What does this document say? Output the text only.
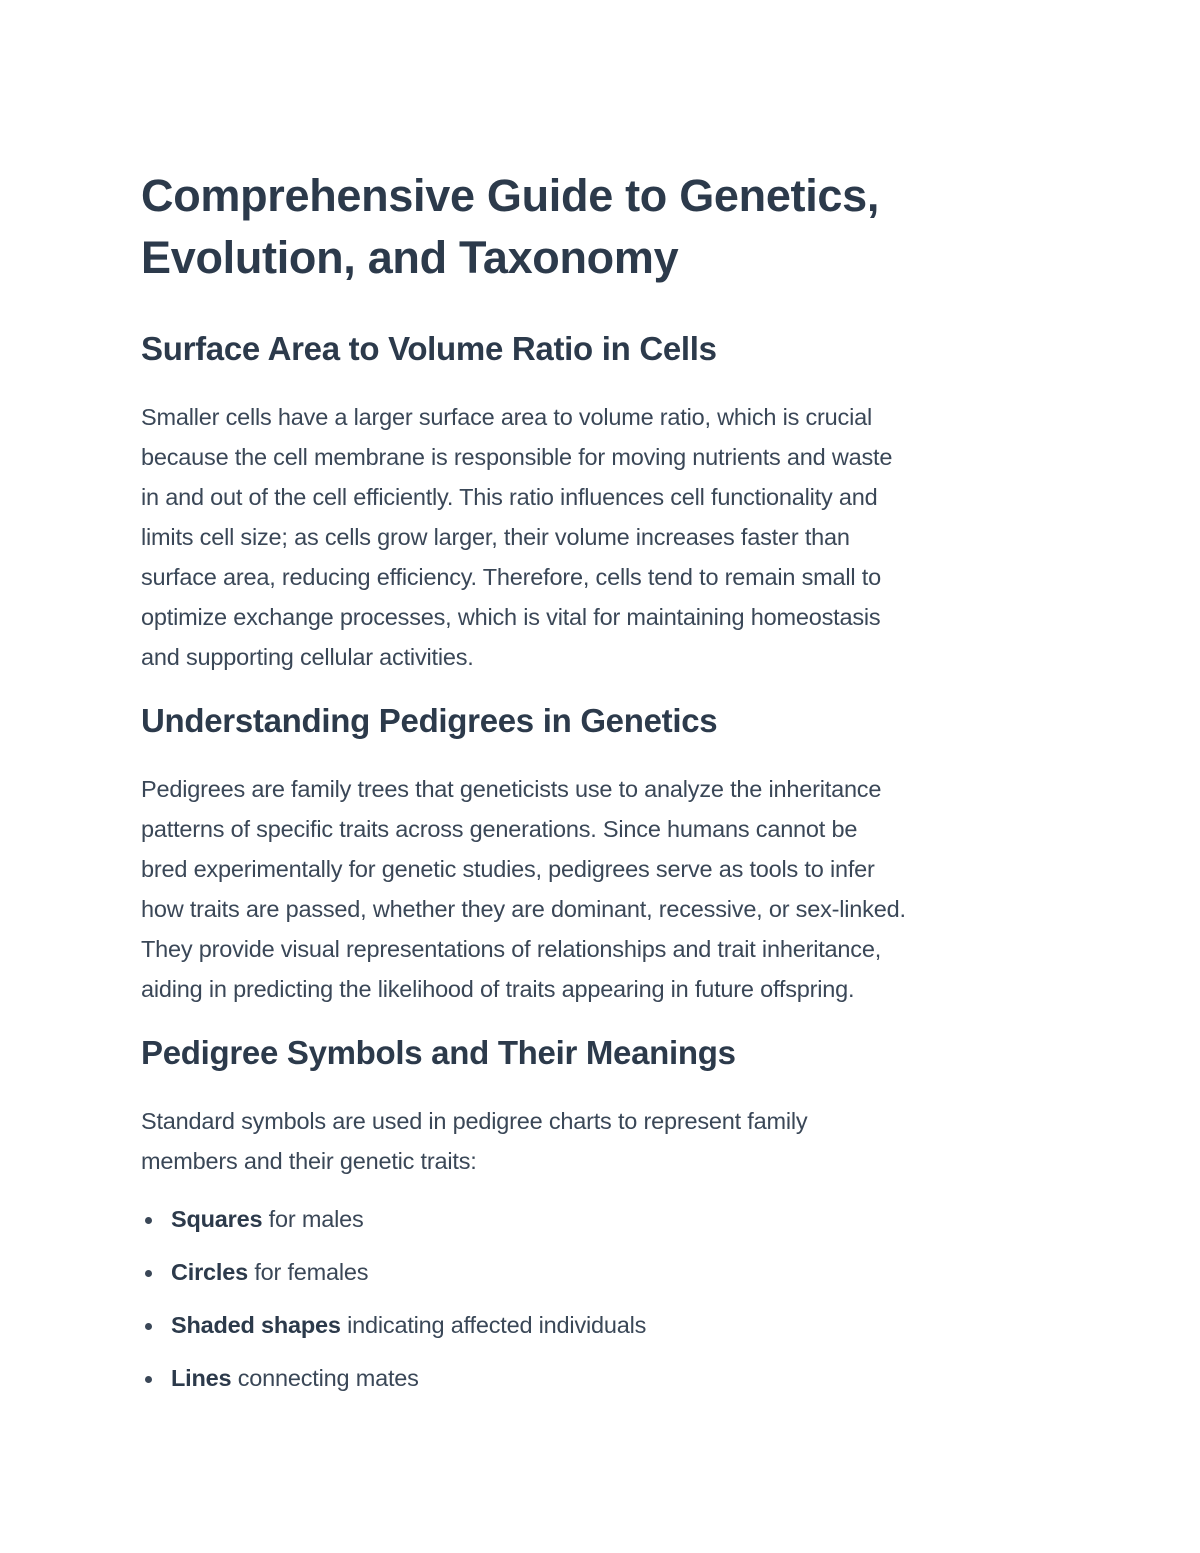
Comprehensive Guide to Genetics,
Evolution, and Taxonomy
Surface Area to Volume Ratio in Cells
Smaller cells have a larger surface area to volume ratio, which is crucial
because the cell membrane is responsible for moving nutrients and waste
in and out of the cell efficiently. This ratio influences cell functionality and
limits cell size; as cells grow larger, their volume increases faster than
surface area, reducing efficiency. Therefore, cells tend to remain small to
optimize exchange processes, which is vital for maintaining homeostasis
and supporting cellular activities.
Understanding Pedigrees in Genetics
Pedigrees are family trees that geneticists use to analyze the inheritance
patterns of specific traits across generations. Since humans cannot be
bred experimentally for genetic studies, pedigrees serve as tools to infer
how traits are passed, whether they are dominant, recessive, or sex-linked.
They provide visual representations of relationships and trait inheritance,
aiding in predicting the likelihood of traits appearing in future offspring.
Pedigree Symbols and Their Meanings
Standard symbols are used in pedigree charts to represent family
members and their genetic traits:
Squares for males
Circles for females
Shaded shapes indicating affected individuals
Lines connecting mates
